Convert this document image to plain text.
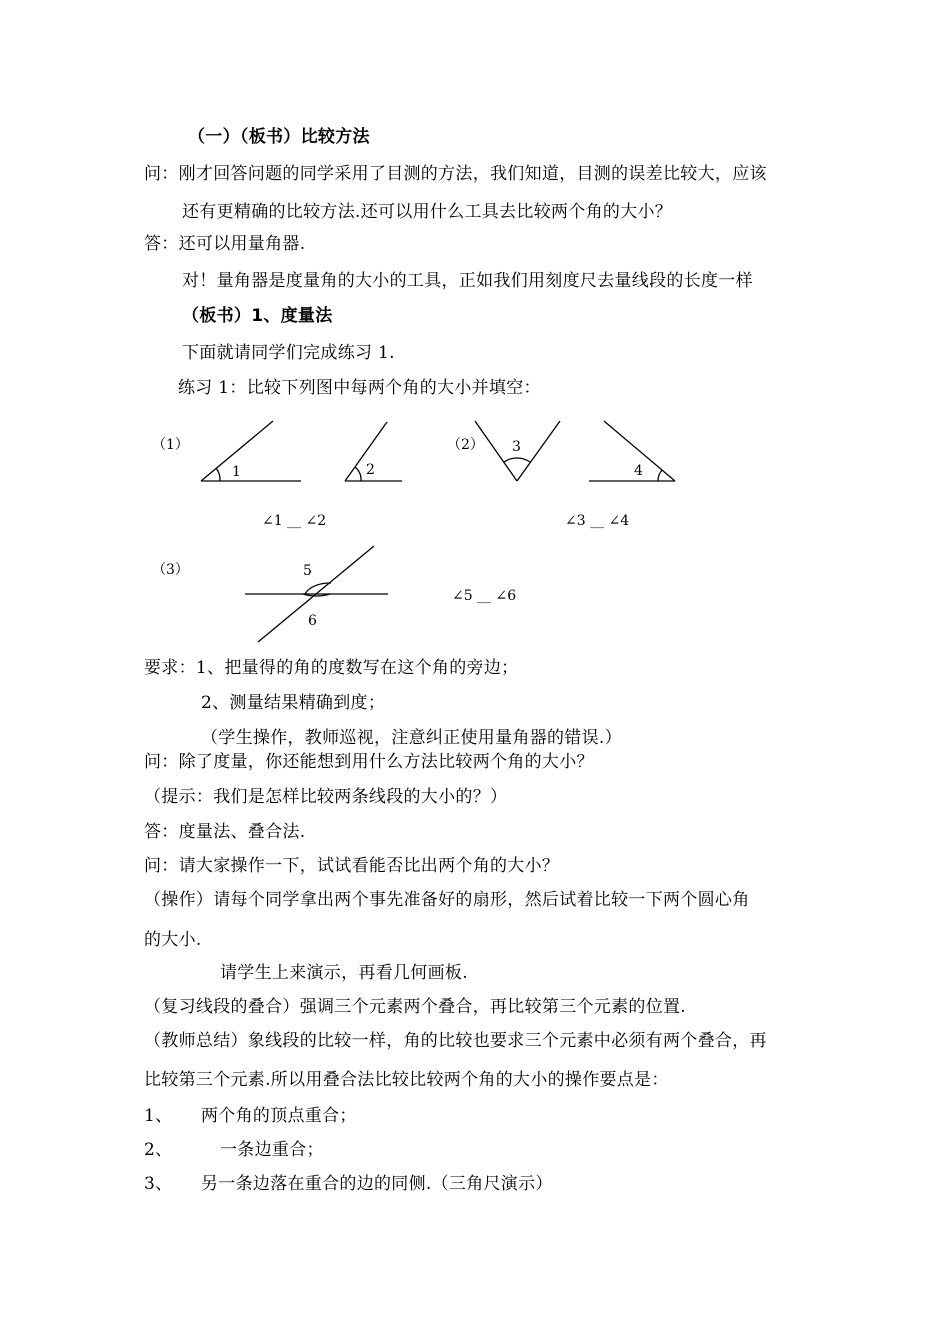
（一）（板书）比较方法
问：刚才回答问题的同学采用了目测的方法，我们知道，目测的误差比较大，应该
还有更精确的比较方法.还可以用什么工具去比较两个角的大小？
答：还可以用量角器.
对！量角器是度量角的大小的工具，正如我们用刻度尺去量线段的长度一样
（板书）1、度量法
下面就请同学们完成练习 1.
练习 1：比较下列图中每两个角的大小并填空：
（1）	（2）
（3）
1	2
3
4
5
6
∠1 __ ∠2	∠3 __ ∠4
∠5 __ ∠6
要求：1、把量得的角的度数写在这个角的旁边；
2、测量结果精确到度；
（学生操作，教师巡视，注意纠正使用量角器的错误.）
问：除了度量，你还能想到用什么方法比较两个角的大小？
（提示：我们是怎样比较两条线段的大小的？）
答：度量法、叠合法.
问：请大家操作一下，试试看能否比出两个角的大小？
（操作）请每个同学拿出两个事先准备好的扇形，然后试着比较一下两个圆心角
的大小.
请学生上来演示，再看几何画板.
（复习线段的叠合）强调三个元素两个叠合，再比较第三个元素的位置.
（教师总结）象线段的比较一样，角的比较也要求三个元素中必须有两个叠合，再
比较第三个元素.所以用叠合法比较比较两个角的大小的操作要点是：
1、 两个角的顶点重合；
2、	一条边重合；
3、 另一条边落在重合的边的同侧.（三角尺演示）
